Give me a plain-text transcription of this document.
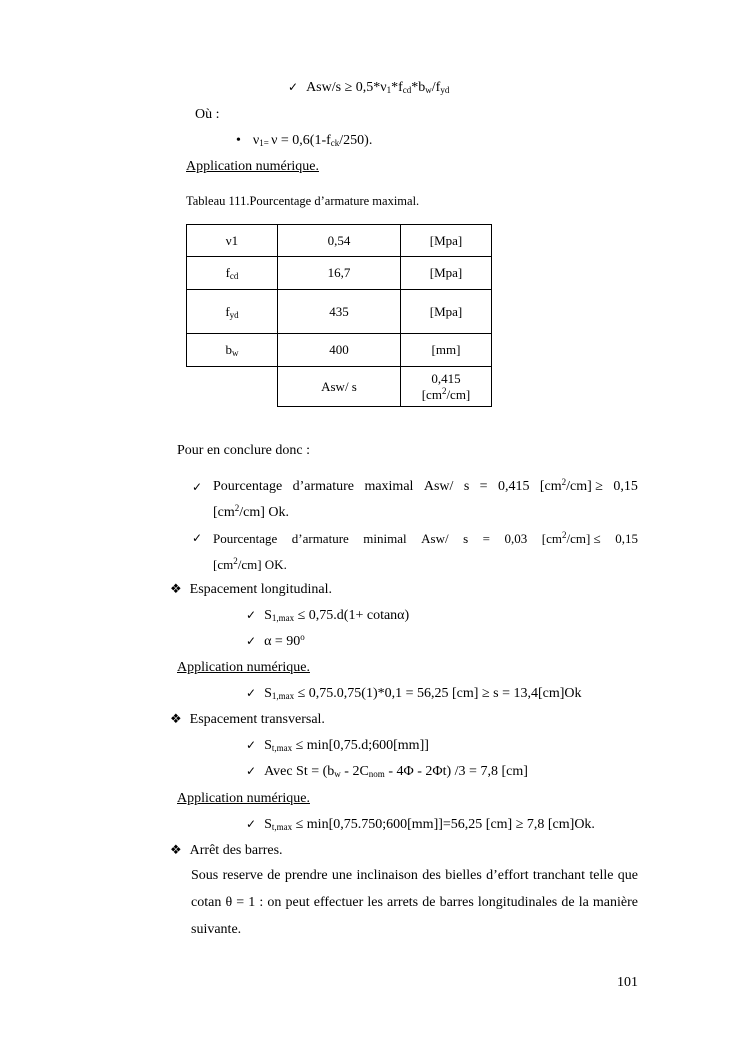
✓ $Asw/s \ge 0,5*\nu_1*f_{cd}*b_w/f_{yd}$
Où :
• $\nu_{1=}$ $\nu = 0,6(1-f_{ck}/250)$.
Application numérique.
Tableau 111.Pourcentage d’armature maximal.
ν1	0,54	[Mpa]
$f_{cd}$	16,7	[Mpa]
$f_{yd}$	435	[Mpa]
$b_w$	400	[mm]
	Asw/ s	0,415
$[cm^2/cm]$
Pour en conclure donc :
✓ Pourcentage d’armature maximal Asw/ s = 0,415 $[cm^2/cm] \ge 0,15$
$[cm^2/cm]$ Ok.
✓ Pourcentage d’armature minimal Asw/ s = 0,03 $[cm^2/cm] \le 0,15$
$[cm^2/cm]$ OK.
❖ Espacement longitudinal.
✓ $S_{1,max} \le 0,75.d(1+ cotan\alpha)$
✓ $\alpha = 90^o$
Application numérique.
✓ $S_{1,max} \le 0,75.0,75(1)*0,1 = 56,25$ [cm] ≥ s = 13,4[cm]Ok
❖ Espacement transversal.
✓ $S_{t,max}$ ≤ min[0,75.d;600[mm]]
✓ Avec $St = (b_w - 2C_{nom} - 4\Phi - 2\Phi t) /3 = 7,8$ [cm]
Application numérique.
✓ $S_{t,max}$ ≤ min[0,75.750;600[mm]]=56,25 [cm] ≥ 7,8 [cm]Ok.
❖ Arrêt des barres.
Sous reserve de prendre une inclinaison des bielles d’effort tranchant telle que cotan θ = 1 : on peut effectuer les arrets de barres longitudinales de la manière suivante.
101
